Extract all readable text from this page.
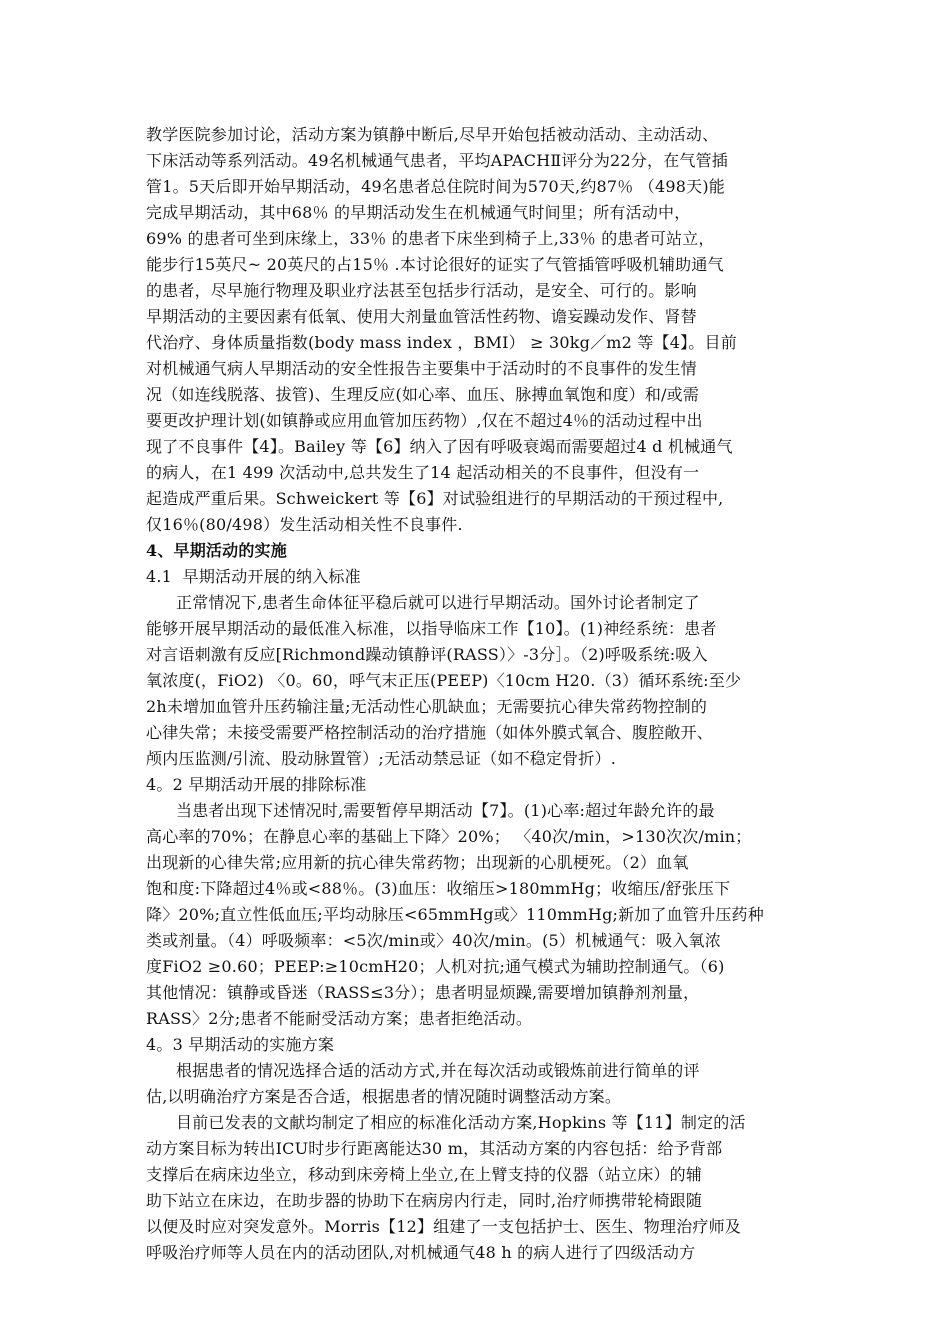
教学医院参加讨论，活动方案为镇静中断后,尽早开始包括被动活动、主动活动、
下床活动等系列活动。49名机械通气患者，平均APACHⅡ评分为22分，在气管插
管1。5天后即开始早期活动，49名患者总住院时间为570天,约87％ （498天)能
完成早期活动，其中68％ 的早期活动发生在机械通气时间里；所有活动中，
69% 的患者可坐到床缘上，33％ 的患者下床坐到椅子上,33％ 的患者可站立，
能步行15英尺~ 20英尺的占15％ .本讨论很好的证实了气管插管呼吸机辅助通气
的患者，尽早施行物理及职业疗法甚至包括步行活动，是安全、可行的。影响
早期活动的主要因素有低氧、使用大剂量血管活性药物、谵妄躁动发作、肾替
代治疗、身体质量指数(body mass index ，BMI） ≥ 30kg／m2 等【4】。目前
对机械通气病人早期活动的安全性报告主要集中于活动时的不良事件的发生情
况（如连线脱落、拔管)、生理反应(如心率、血压、脉搏血氧饱和度）和/或需
要更改护理计划(如镇静或应用血管加压药物）,仅在不超过4％的活动过程中出
现了不良事件【4】。Bailey 等【6】纳入了因有呼吸衰竭而需要超过4 d 机械通气
的病人，在1 499 次活动中,总共发生了14 起活动相关的不良事件，但没有一
起造成严重后果。Schweickert 等【6】对试验组进行的早期活动的干预过程中,
仅16％(80/498）发生活动相关性不良事件.
4、早期活动的实施
4.1  早期活动开展的纳入标准
正常情况下,患者生命体征平稳后就可以进行早期活动。国外讨论者制定了
能够开展早期活动的最低准入标准，以指导临床工作【10】。(1)神经系统：患者
对言语刺激有反应[Richmond躁动镇静评(RASS）〉-3分］。（2)呼吸系统:吸入
氧浓度(，FiO2) 〈0。60，呼气末正压(PEEP)〈10cm H20.（3）循环系统:至少
2h未增加血管升压药输注量;无活动性心肌缺血；无需要抗心律失常药物控制的
心律失常；未接受需要严格控制活动的治疗措施（如体外膜式氧合、腹腔敞开、
颅内压监测/引流、股动脉置管）;无活动禁忌证（如不稳定骨折）.
4。2 早期活动开展的排除标准
当患者出现下述情况时,需要暂停早期活动【7】。(1)心率:超过年龄允许的最
高心率的70%；在静息心率的基础上下降〉20%； 〈40次/min，>130次次/min；
出现新的心律失常;应用新的抗心律失常药物；出现新的心肌梗死。（2）血氧
饱和度:下降超过4％或<88％。(3)血压：收缩压>180mmHg；收缩压/舒张压下
降〉20%;直立性低血压;平均动脉压<65mmHg或〉110mmHg;新加了血管升压药种
类或剂量。（4）呼吸频率：<5次/min或〉40次/min。(5）机械通气：吸入氧浓
度FiO2 ≥0.60；PEEP:≥10cmH20；人机对抗;通气模式为辅助控制通气。（6)
其他情况：镇静或昏迷（RASS≤3分）；患者明显烦躁,需要增加镇静剂剂量，
RASS〉2分;患者不能耐受活动方案；患者拒绝活动。
4。3 早期活动的实施方案
根据患者的情况选择合适的活动方式,并在每次活动或锻炼前进行简单的评
估,以明确治疗方案是否合适，根据患者的情况随时调整活动方案。
目前已发表的文献均制定了相应的标准化活动方案,Hopkins 等【11】制定的活
动方案目标为转出ICU时步行距离能达30 m，其活动方案的内容包括：给予背部
支撑后在病床边坐立，移动到床旁椅上坐立,在上臂支持的仪器（站立床）的辅
助下站立在床边，在助步器的协助下在病房内行走，同时,治疗师携带轮椅跟随
以便及时应对突发意外。Morris【12】组建了一支包括护士、医生、物理治疗师及
呼吸治疗师等人员在内的活动团队,对机械通气48 h 的病人进行了四级活动方
